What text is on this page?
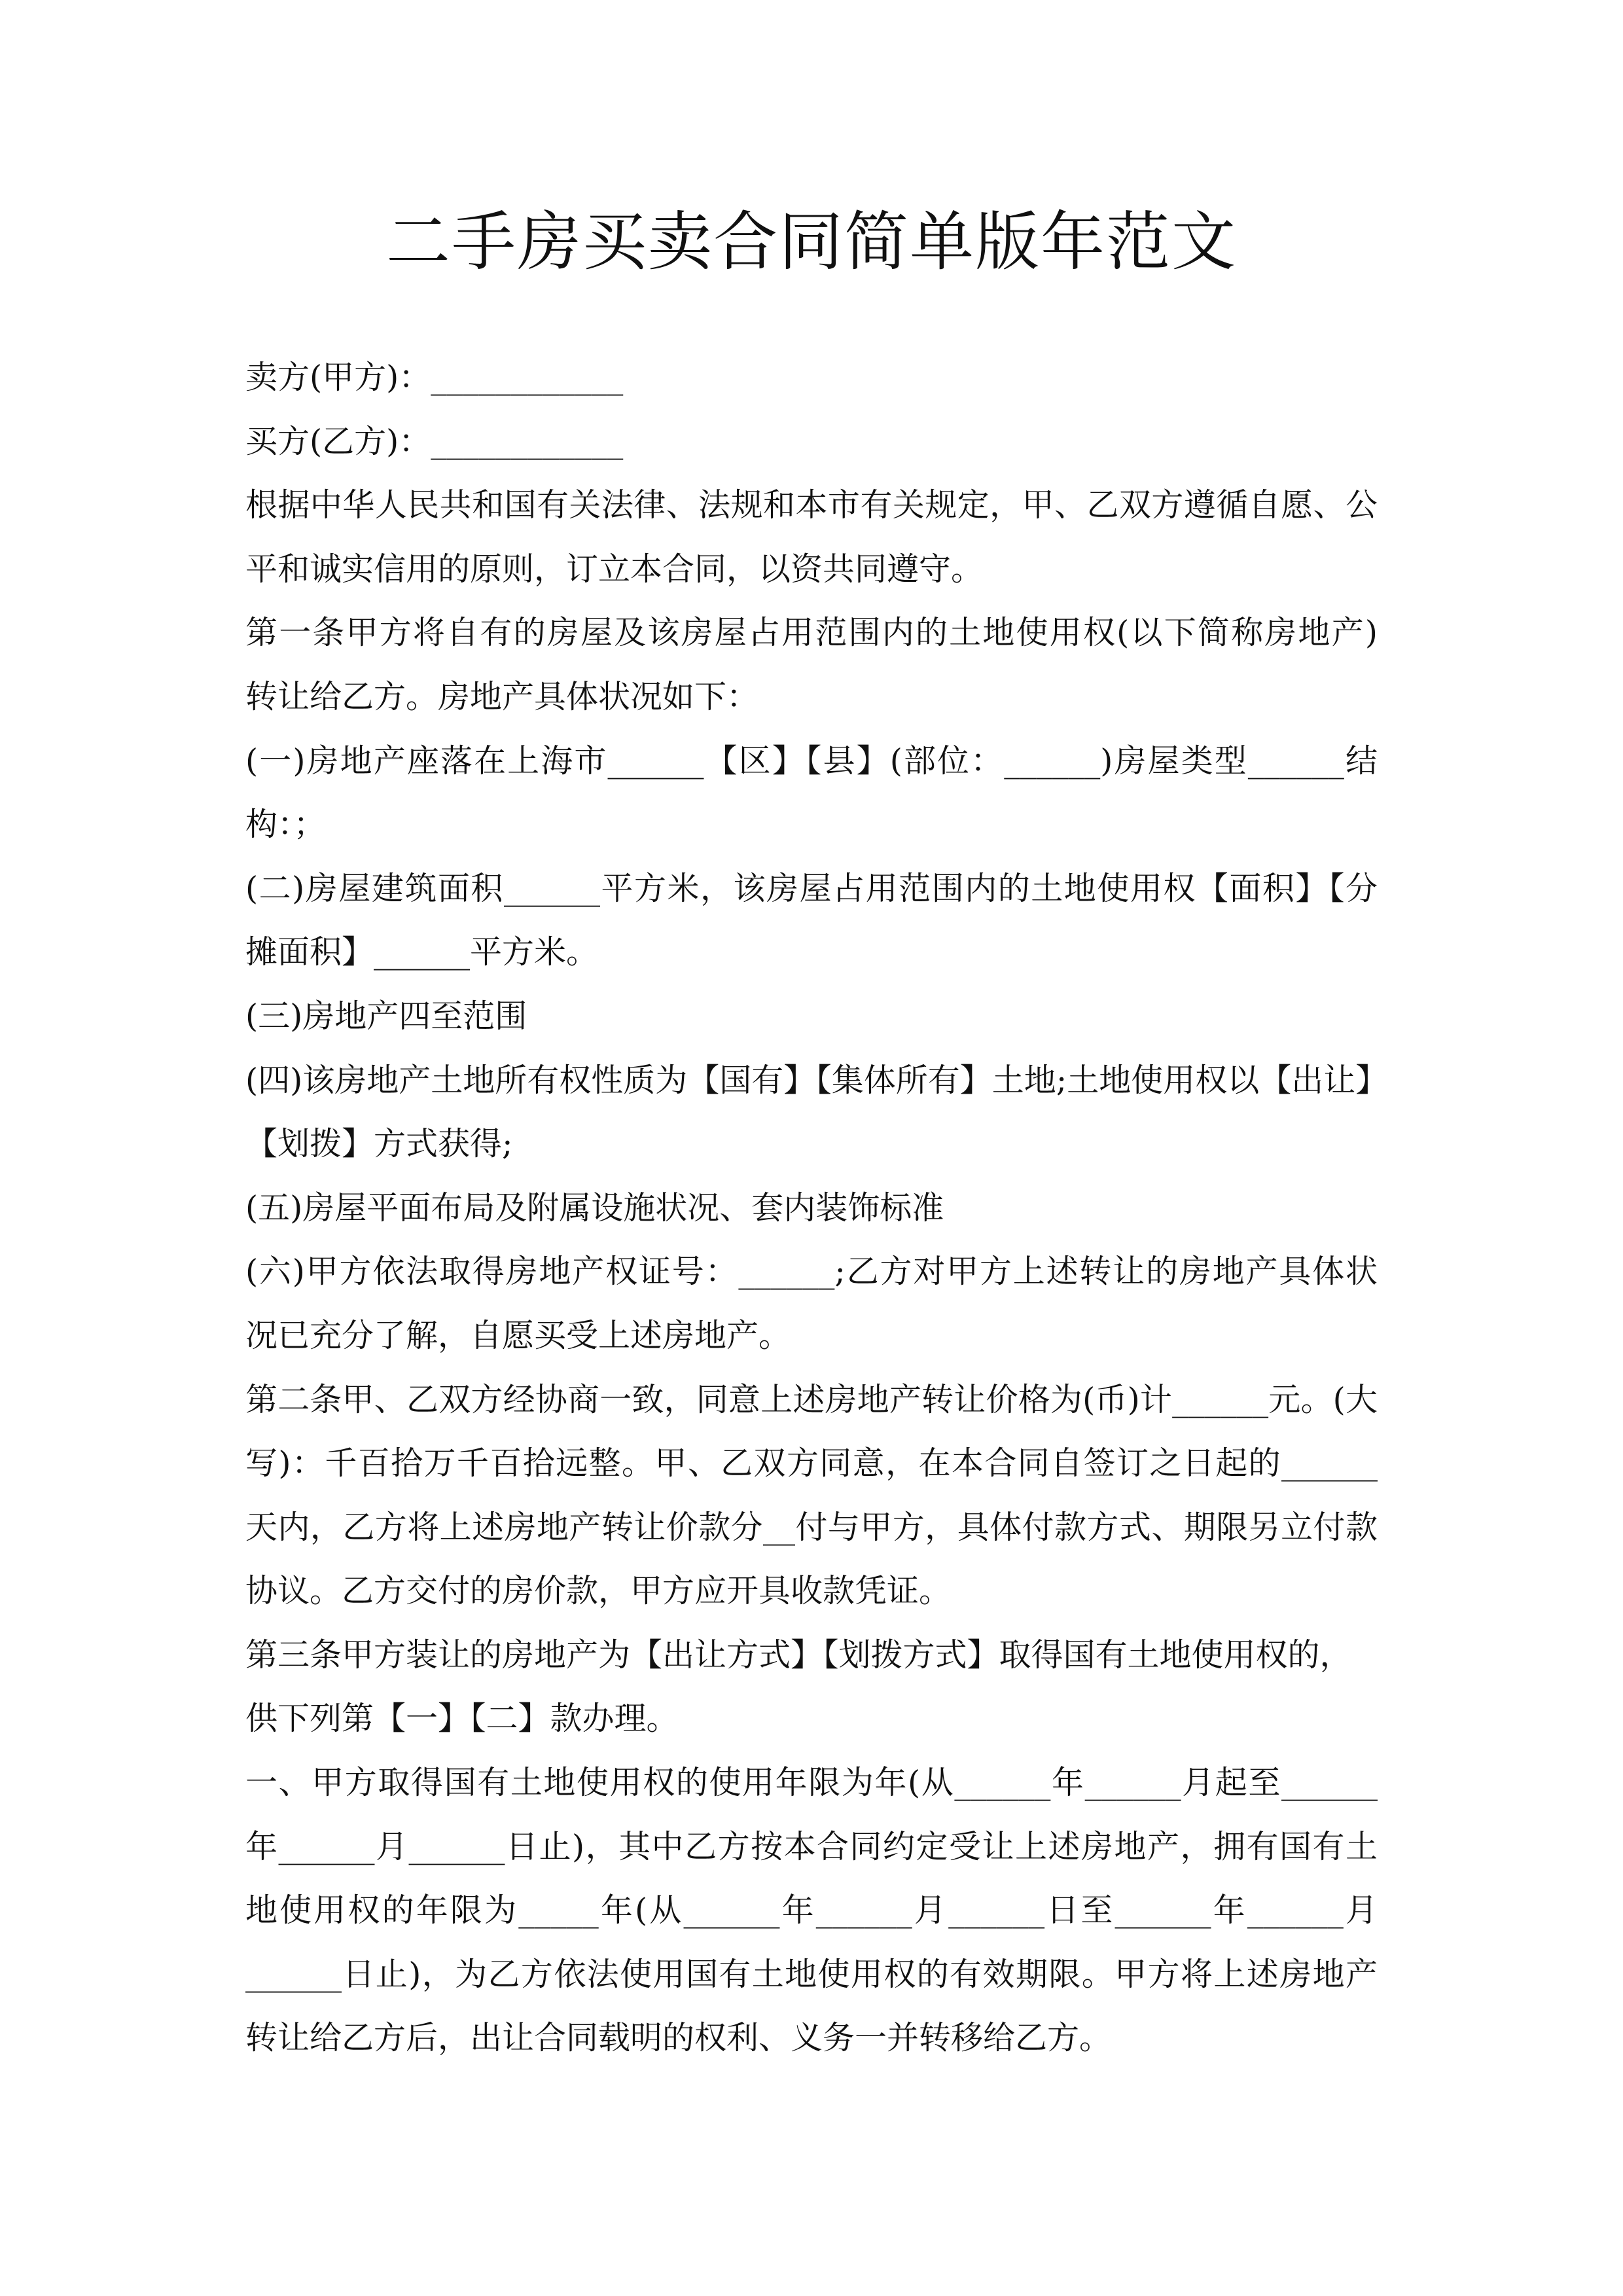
二手房买卖合同简单版年范文
卖方(甲方)：____________
买方(乙方)：____________
根据中华人民共和国有关法律、法规和本市有关规定，甲、乙双方遵循自愿、公
平和诚实信用的原则，订立本合同，以资共同遵守。
第一条甲方将自有的房屋及该房屋占用范围内的土地使用权(以下简称房地产)
转让给乙方。房地产具体状况如下：
(一)房地产座落在上海市______【区】【县】(部位：______)房屋类型______结
构：；
(二)房屋建筑面积______平方米，该房屋占用范围内的土地使用权【面积】【分
摊面积】______平方米。
(三)房地产四至范围
(四)该房地产土地所有权性质为【国有】【集体所有】土地;土地使用权以【出让】
【划拨】方式获得;
(五)房屋平面布局及附属设施状况、套内装饰标准
(六)甲方依法取得房地产权证号：______;乙方对甲方上述转让的房地产具体状
况已充分了解，自愿买受上述房地产。
第二条甲、乙双方经协商一致，同意上述房地产转让价格为(币)计______元。(大
写)：千百拾万千百拾远整。甲、乙双方同意，在本合同自签订之日起的______
天内，乙方将上述房地产转让价款分__付与甲方，具体付款方式、期限另立付款
协议。乙方交付的房价款，甲方应开具收款凭证。
第三条甲方装让的房地产为【出让方式】【划拨方式】取得国有土地使用权的，
供下列第【一】【二】款办理。
一、甲方取得国有土地使用权的使用年限为年(从______年______月起至______
年______月______日止)，其中乙方按本合同约定受让上述房地产，拥有国有土
地使用权的年限为_____年(从______年______月______日至______年______月
______日止)，为乙方依法使用国有土地使用权的有效期限。甲方将上述房地产
转让给乙方后，出让合同载明的权利、义务一并转移给乙方。
